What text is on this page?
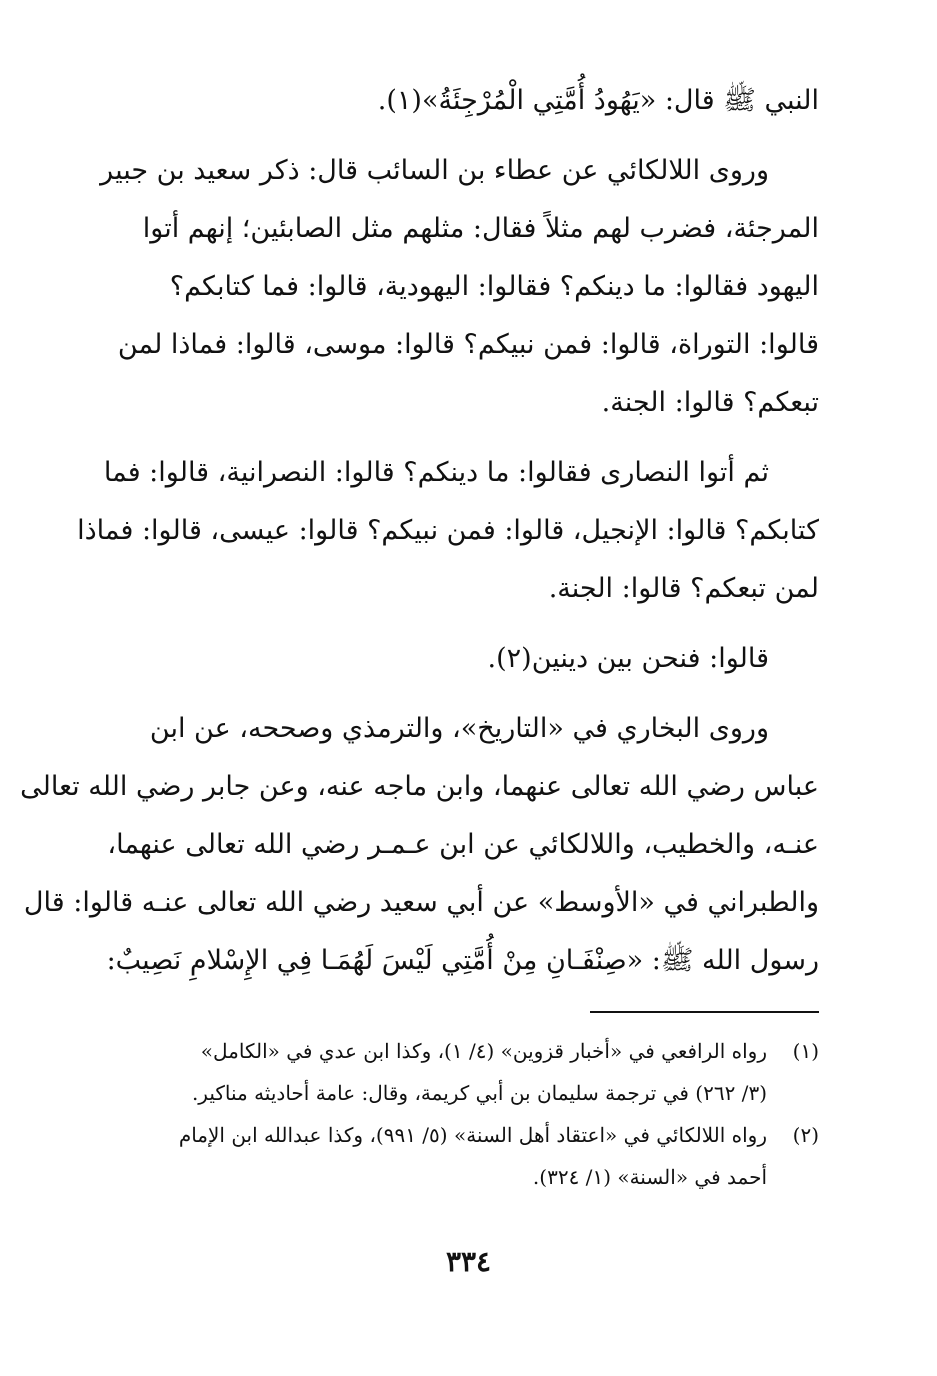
النبي ﷺ قال: «يَهُودُ أُمَّتِي الْمُرْجِئَةُ»(١).
وروى اللالكائي عن عطاء بن السائب قال: ذكر سعيد بن جبير
المرجئة، فضرب لهم مثلاً فقال: مثلهم مثل الصابئين؛ إنهم أتوا
اليهود فقالوا: ما دينكم؟ فقالوا: اليهودية، قالوا: فما كتابكم؟
قالوا: التوراة، قالوا: فمن نبيكم؟ قالوا: موسى، قالوا: فماذا لمن
تبعكم؟ قالوا: الجنة.
ثم أتوا النصارى فقالوا: ما دينكم؟ قالوا: النصرانية، قالوا: فما
كتابكم؟ قالوا: الإنجيل، قالوا: فمن نبيكم؟ قالوا: عيسى، قالوا: فماذا
لمن تبعكم؟ قالوا: الجنة.
قالوا: فنحن بين دينين(٢).
وروى البخاري في «التاريخ»، والترمذي وصححه، عن ابن
عباس رضي الله تعالى عنهما، وابن ماجه عنه، وعن جابر رضي الله تعالى
عنـه، والخطيب، واللالكائي عن ابن عـمـر رضي الله تعالى عنهما،
والطبراني في «الأوسط» عن أبي سعيد رضي الله تعالى عنـه قالوا: قال
رسول الله ﷺ: «صِنْفَـانِ مِنْ أُمَّتِي لَيْسَ لَهُمَـا فِي الإِسْلامِ نَصِيبٌ:
(١)رواه الرافعي في «أخبار قزوين» (٤/ ١)، وكذا ابن عدي في «الكامل»
(٣/ ٢٦٢) في ترجمة سليمان بن أبي كريمة، وقال: عامة أحاديثه مناكير.
(٢)رواه اللالكائي في «اعتقاد أهل السنة» (٥/ ٩٩١)، وكذا عبدالله ابن الإمام
أحمد في «السنة» (١/ ٣٢٤).
٣٣٤
